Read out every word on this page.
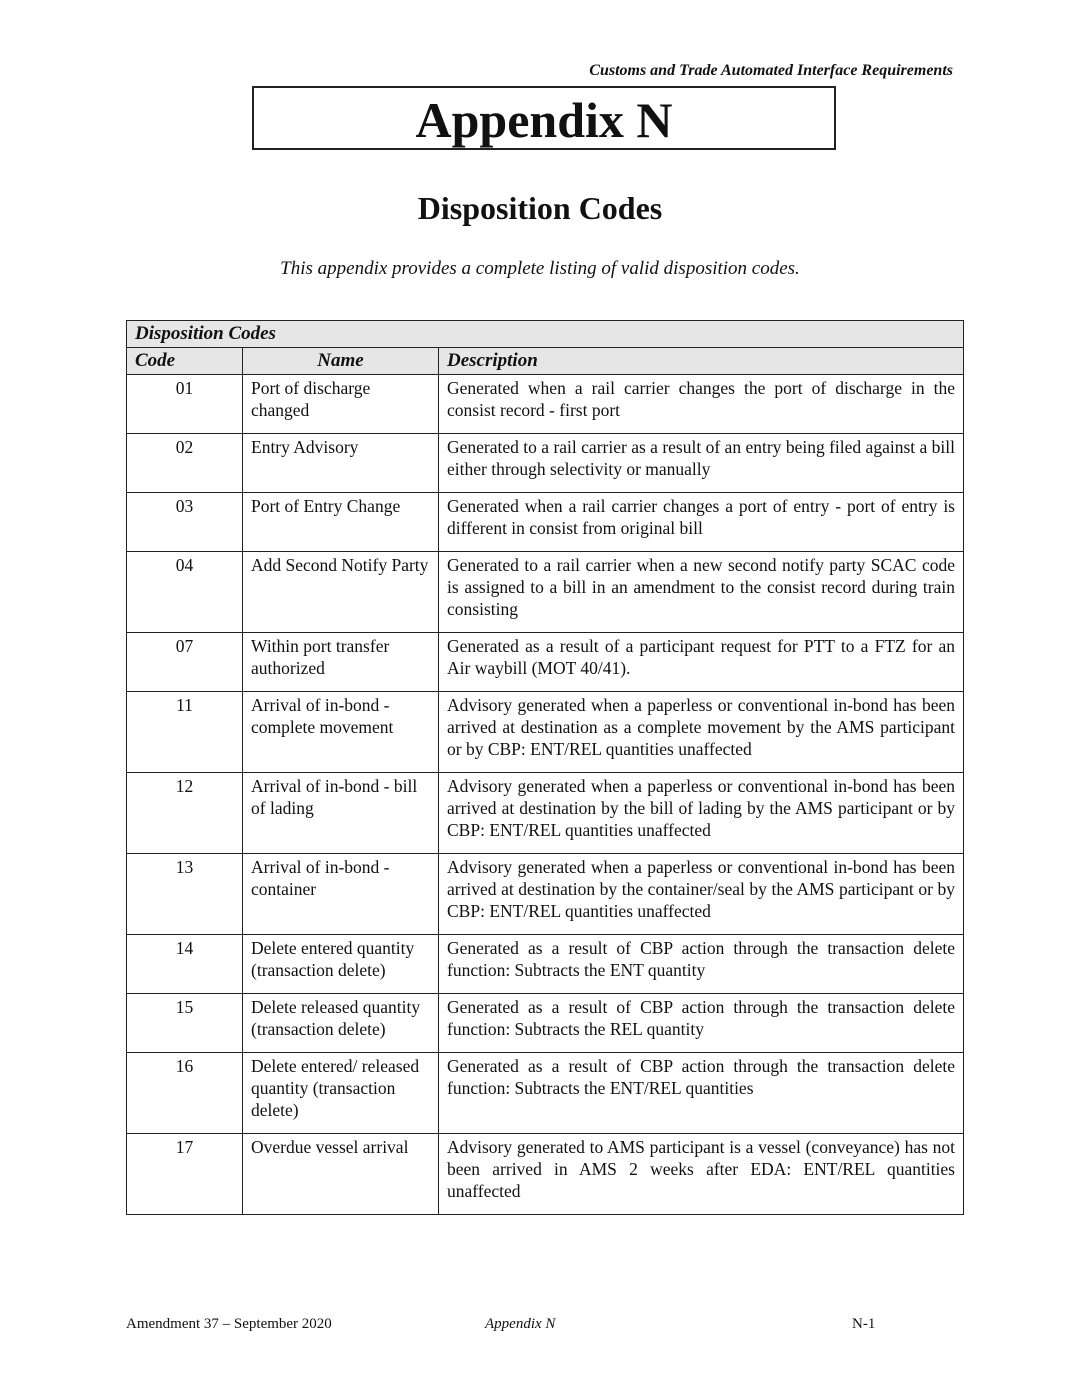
Customs and Trade Automated Interface Requirements
Appendix N
Disposition Codes
This appendix provides a complete listing of valid disposition codes.
Disposition Codes		
Code	Name	Description
01	Port of discharge changed	Generated when a rail carrier changes the port of discharge in the consist record - first port
02	Entry Advisory	Generated to a rail carrier as a result of an entry being filed against a bill either through selectivity or manually
03	Port of Entry Change	Generated when a rail carrier changes a port of entry - port of entry is different in consist from original bill
04	Add Second Notify Party	Generated to a rail carrier when a new second notify party SCAC code is assigned to a bill in an amendment to the consist record during train consisting
07	Within port transfer authorized	Generated as a result of a participant request for PTT to a FTZ for an Air waybill (MOT 40/41).
11	Arrival of in-bond - complete movement	Advisory generated when a paperless or conventional in-bond has been arrived at destination as a complete movement by the AMS participant or by CBP: ENT/REL quantities unaffected
12	Arrival of in-bond - bill of lading	Advisory generated when a paperless or conventional in-bond has been arrived at destination by the bill of lading by the AMS participant or by CBP: ENT/REL quantities unaffected
13	Arrival of in-bond - container	Advisory generated when a paperless or conventional in-bond has been arrived at destination by the container/seal by the AMS participant or by CBP: ENT/REL quantities unaffected
14	Delete entered quantity (transaction delete)	Generated as a result of CBP action through the transaction delete function: Subtracts the ENT quantity
15	Delete released quantity (transaction delete)	Generated as a result of CBP action through the transaction delete function: Subtracts the REL quantity
16	Delete entered/ released quantity (transaction delete)	Generated as a result of CBP action through the transaction delete function: Subtracts the ENT/REL quantities
17	Overdue vessel arrival	Advisory generated to AMS participant is a vessel (conveyance) has not been arrived in AMS 2 weeks after EDA: ENT/REL quantities unaffected
Amendment 37 – September 2020	Appendix N	N-1
